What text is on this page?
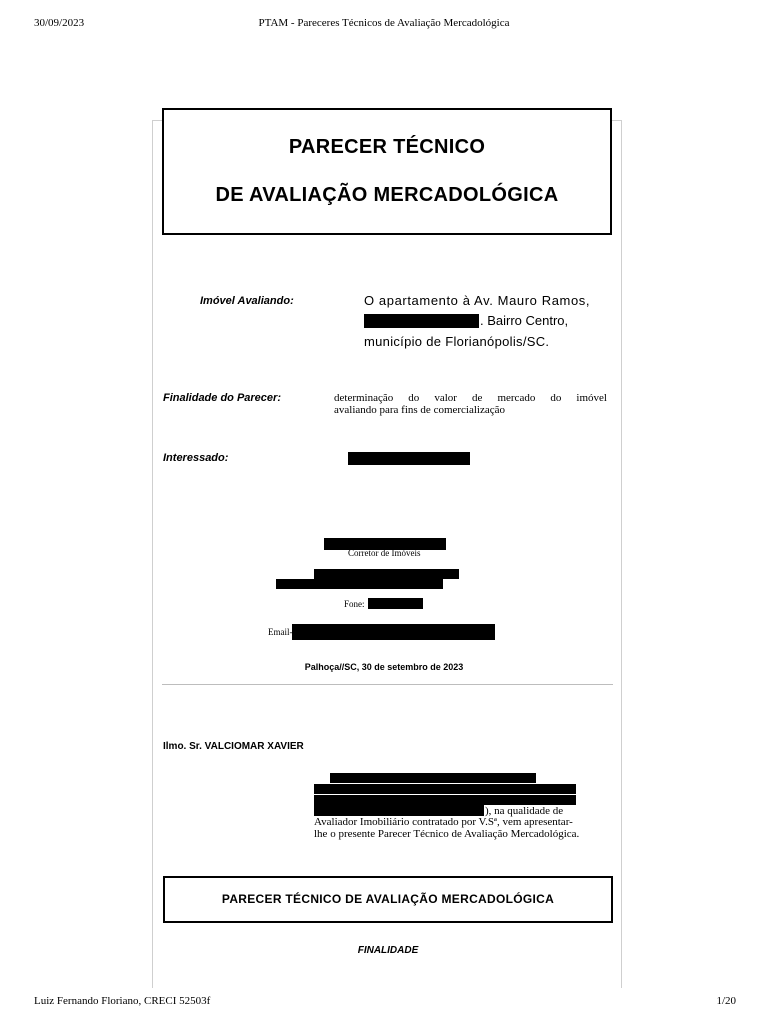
30/09/2023	PTAM - Pareceres Técnicos de Avaliação Mercadológica
PARECER TÉCNICO
DE AVALIAÇÃO MERCADOLÓGICA
Imóvel Avaliando:	O apartamento à Av. Mauro Ramos,
. Bairro Centro,
município de Florianópolis/SC.
Finalidade do Parecer:	determinação do valor de mercado do imóvel
avaliando para fins de comercialização
Interessado:
Corretor de Imóveis
Fone:
Email-
Palhoça//SC, 30 de setembro de 2023
Ilmo. Sr. VALCIOMAR XAVIER
), na qualidade de
Avaliador Imobiliário contratado por V.Sª, vem apresentar-
lhe o presente Parecer Técnico de Avaliação Mercadológica.
PARECER TÉCNICO DE AVALIAÇÃO MERCADOLÓGICA
FINALIDADE
Luiz Fernando Floriano, CRECI 52503f	1/20
